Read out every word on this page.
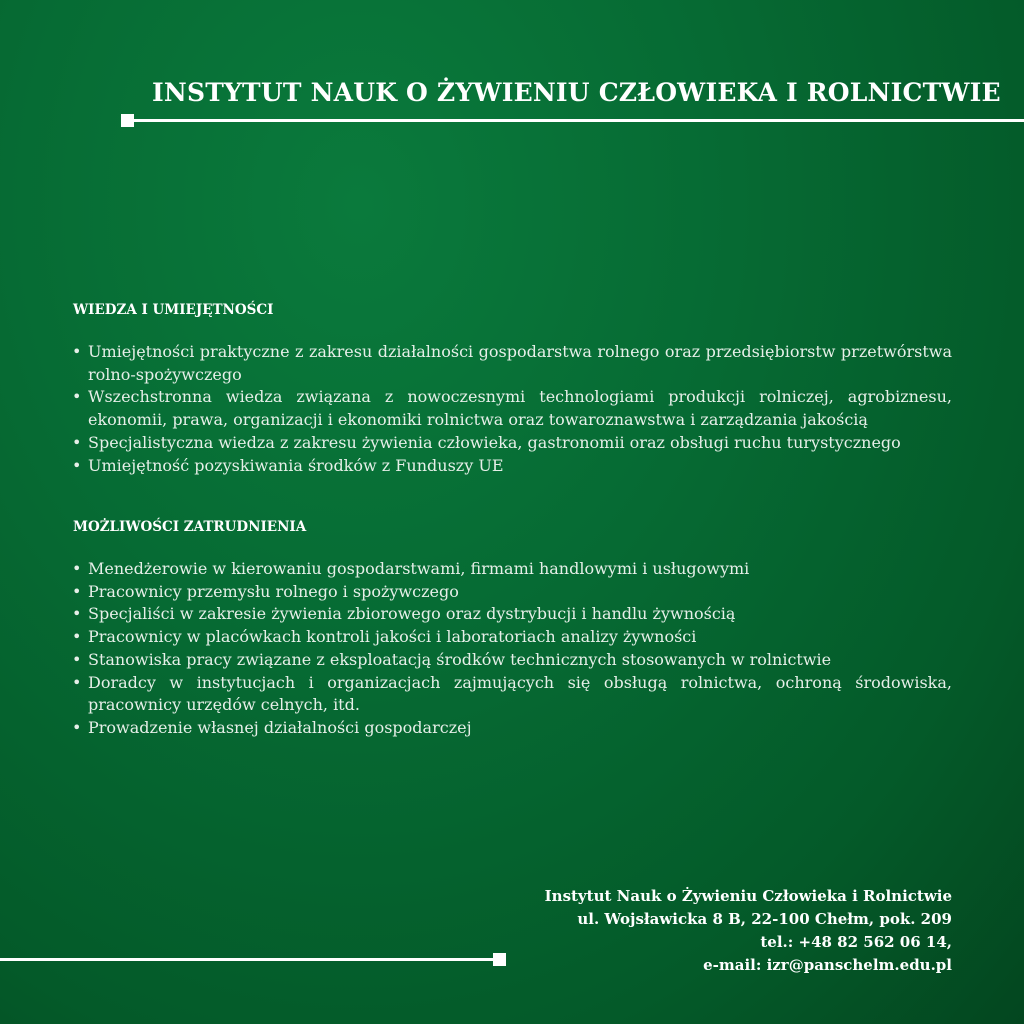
INSTYTUT NAUK O ŻYWIENIU CZŁOWIEKA I ROLNICTWIE
WIEDZA I UMIEJĘTNOŚCI
• Umiejętności praktyczne z zakresu działalności gospodarstwa rolnego oraz przedsiębiorstw przetwórstwa rolno-spożywczego
• Wszechstronna wiedza związana z nowoczesnymi technologiami produkcji rolniczej, agrobiznesu, ekonomii, prawa, organizacji i ekonomiki rolnictwa oraz towaroznawstwa i zarządzania jakością
• Specjalistyczna wiedza z zakresu żywienia człowieka, gastronomii oraz obsługi ruchu turystycznego
• Umiejętność pozyskiwania środków z Funduszy UE
MOŻLIWOŚCI ZATRUDNIENIA
• Menedżerowie w kierowaniu gospodarstwami, firmami handlowymi i usługowymi
• Pracownicy przemysłu rolnego i spożywczego
• Specjaliści w zakresie żywienia zbiorowego oraz dystrybucji i handlu żywnością
• Pracownicy w placówkach kontroli jakości i laboratoriach analizy żywności
• Stanowiska pracy związane z eksploatacją środków technicznych stosowanych w rolnictwie
• Doradcy w instytucjach i organizacjach zajmujących się obsługą rolnictwa, ochroną środowiska, pracownicy urzędów celnych, itd.
• Prowadzenie własnej działalności gospodarczej
Instytut Nauk o Żywieniu Człowieka i Rolnictwie
ul. Wojsławicka 8 B, 22-100 Chełm, pok. 209
tel.: +48 82 562 06 14,
e-mail: izr@panschelm.edu.pl
